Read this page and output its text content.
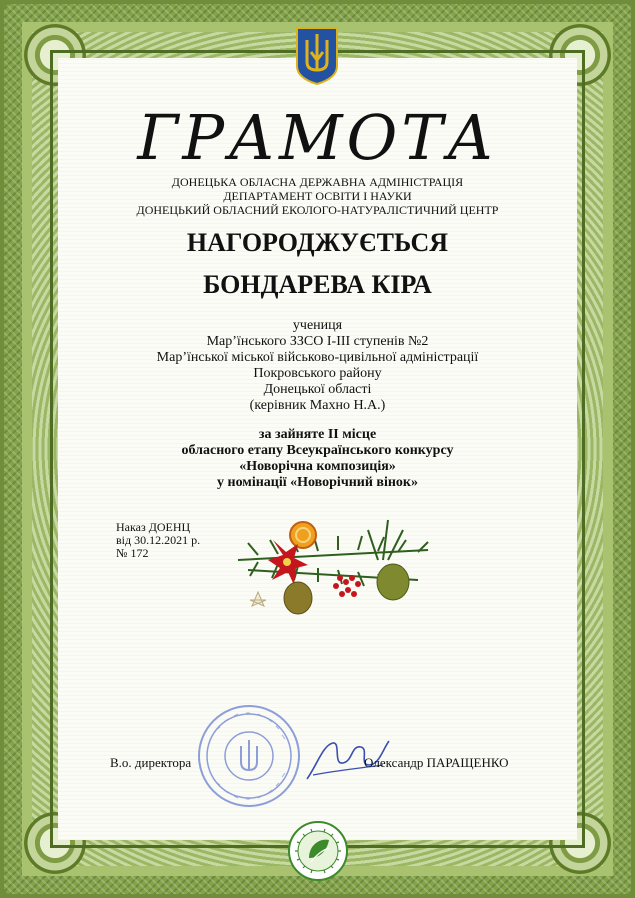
ГРАМОТА
ДОНЕЦЬКА ОБЛАСНА ДЕРЖАВНА АДМІНІСТРАЦІЯ
ДЕПАРТАМЕНТ ОСВІТИ І НАУКИ
ДОНЕЦЬКИЙ ОБЛАСНИЙ ЕКОЛОГО-НАТУРАЛІСТИЧНИЙ ЦЕНТР
НАГОРОДЖУЄТЬСЯ
БОНДАРЕВА КІРА
учениця
Мар’їнського ЗЗСО І-ІІІ ступенів №2
Мар’їнської міської військово-цивільної адміністрації
Покровського району
Донецької області
(керівник Махно Н.А.)
за зайняте ІІ місце
обласного етапу Всеукраїнського конкурсу
«Новорічна композиція»
у номінації «Новорічний вінок»
Наказ ДОЕНЦ
від 30.12.2021 р.
№ 172
В.о. директора	Олександр ПАРАЩЕНКО
